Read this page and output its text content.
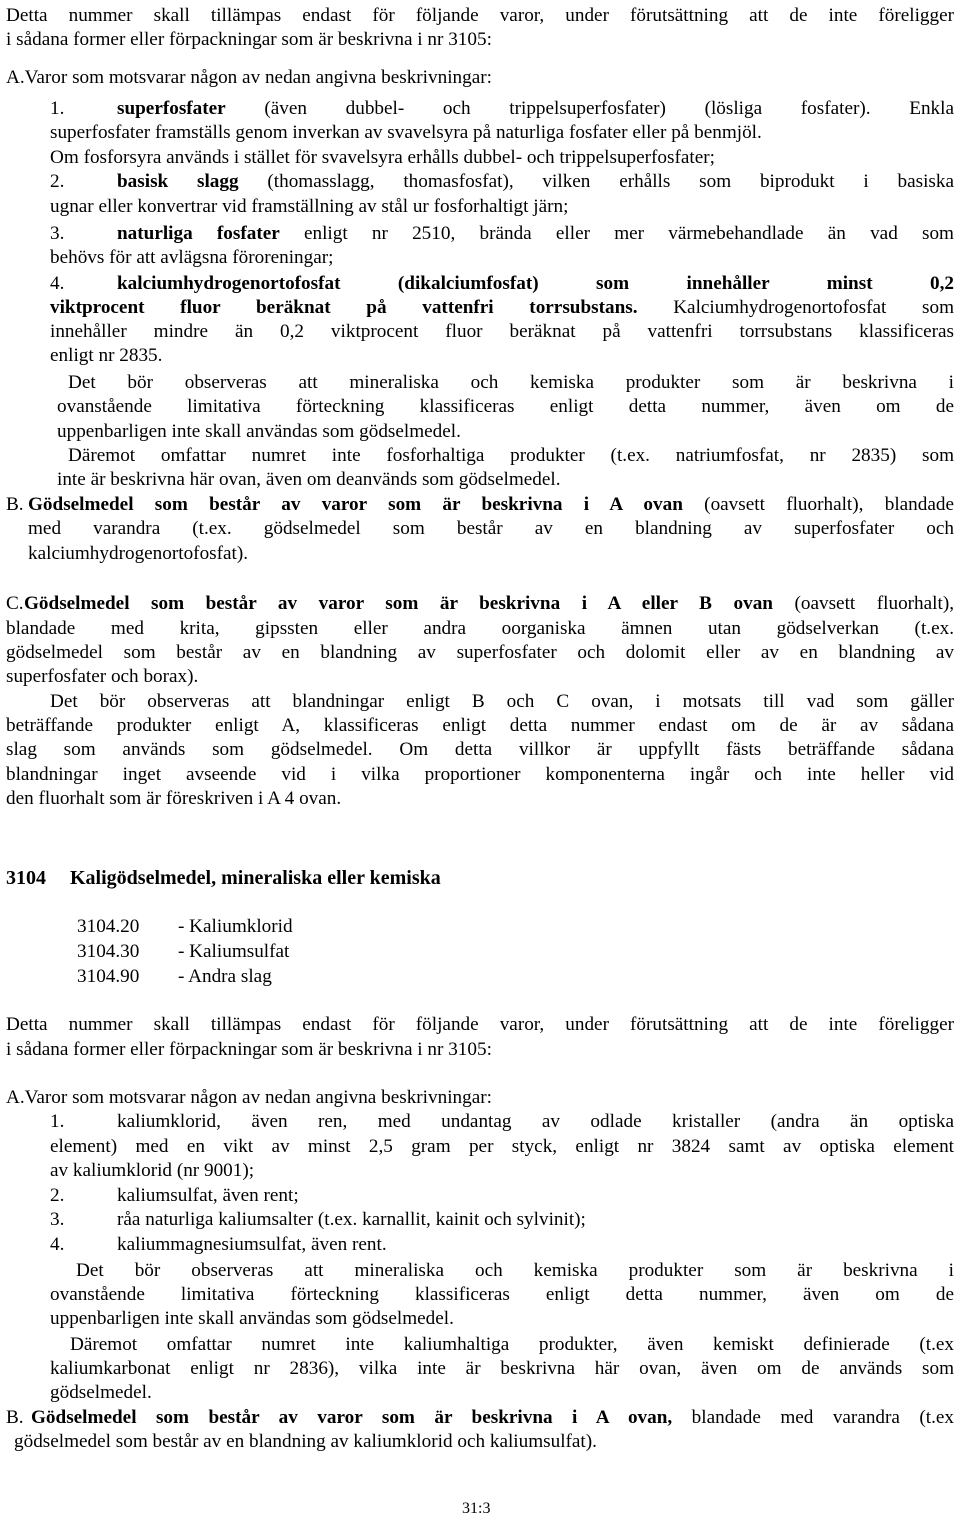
Detta nummer skall tillämpas endast för följande varor, under förutsättning att de inte föreligger
i sådana former eller förpackningar som är beskrivna i nr 3105:
A.Varor som motsvarar någon av nedan angivna beskrivningar:
1.	superfosfater (även dubbel- och trippelsuperfosfater) (lösliga fosfater). Enkla
superfosfater framställs genom inverkan av svavelsyra på naturliga fosfater eller på benmjöl.
Om fosforsyra används i stället för svavelsyra erhålls dubbel- och trippelsuperfosfater;
2.	basisk slagg (thomasslagg, thomasfosfat), vilken erhålls som biprodukt i basiska
ugnar eller konvertrar vid framställning av stål ur fosforhaltigt järn;
3.	naturliga fosfater enligt nr 2510, brända eller mer värmebehandlade än vad som
behövs för att avlägsna föroreningar;
4.	kalciumhydrogenortofosfat (dikalciumfosfat) som innehåller minst 0,2
viktprocent fluor beräknat på vattenfri torrsubstans. Kalciumhydrogenortofosfat som
innehåller mindre än 0,2 viktprocent fluor beräknat på vattenfri torrsubstans klassificeras
enligt nr 2835.
Det bör observeras att mineraliska och kemiska produkter som är beskrivna i
ovanstående limitativa förteckning klassificeras enligt detta nummer, även om de
uppenbarligen inte skall användas som gödselmedel.
Däremot omfattar numret inte fosforhaltiga produkter (t.ex. natriumfosfat, nr 2835) som
inte är beskrivna här ovan, även om deanvänds som gödselmedel.
B. Gödselmedel som består av varor som är beskrivna i A ovan (oavsett fluorhalt), blandade
med varandra (t.ex. gödselmedel som består av en blandning av superfosfater och
kalciumhydrogenortofosfat).
C. Gödselmedel som består av varor som är beskrivna i A eller B ovan (oavsett fluorhalt),
blandade med krita, gipssten eller andra oorganiska ämnen utan gödselverkan (t.ex.
gödselmedel som består av en blandning av superfosfater och dolomit eller av en blandning av
superfosfater och borax).
Det bör observeras att blandningar enligt B och C ovan, i motsats till vad som gäller
beträffande produkter enligt A, klassificeras enligt detta nummer endast om de är av sådana
slag som används som gödselmedel. Om detta villkor är uppfyllt fästs beträffande sådana
blandningar inget avseende vid i vilka proportioner komponenterna ingår och inte heller vid
den fluorhalt som är föreskriven i A 4 ovan.
3104 Kaligödselmedel, mineraliska eller kemiska
3104.20 - Kaliumklorid
3104.30 - Kaliumsulfat
3104.90 - Andra slag
Detta nummer skall tillämpas endast för följande varor, under förutsättning att de inte föreligger
i sådana former eller förpackningar som är beskrivna i nr 3105:
A.Varor som motsvarar någon av nedan angivna beskrivningar:
1.	kaliumklorid, även ren, med undantag av odlade kristaller (andra än optiska
element) med en vikt av minst 2,5 gram per styck, enligt nr 3824 samt av optiska element
av kaliumklorid (nr 9001);
2.	kaliumsulfat, även rent;
3.	råa naturliga kaliumsalter (t.ex. karnallit, kainit och sylvinit);
4.	kaliummagnesiumsulfat, även rent.
Det bör observeras att mineraliska och kemiska produkter som är beskrivna i
ovanstående limitativa förteckning klassificeras enligt detta nummer, även om de
uppenbarligen inte skall användas som gödselmedel.
Däremot omfattar numret inte kaliumhaltiga produkter, även kemiskt definierade (t.ex
kaliumkarbonat enligt nr 2836), vilka inte är beskrivna här ovan, även om de används som
gödselmedel.
B. Gödselmedel som består av varor som är beskrivna i A ovan, blandade med varandra (t.ex
gödselmedel som består av en blandning av kaliumklorid och kaliumsulfat).
31:3
